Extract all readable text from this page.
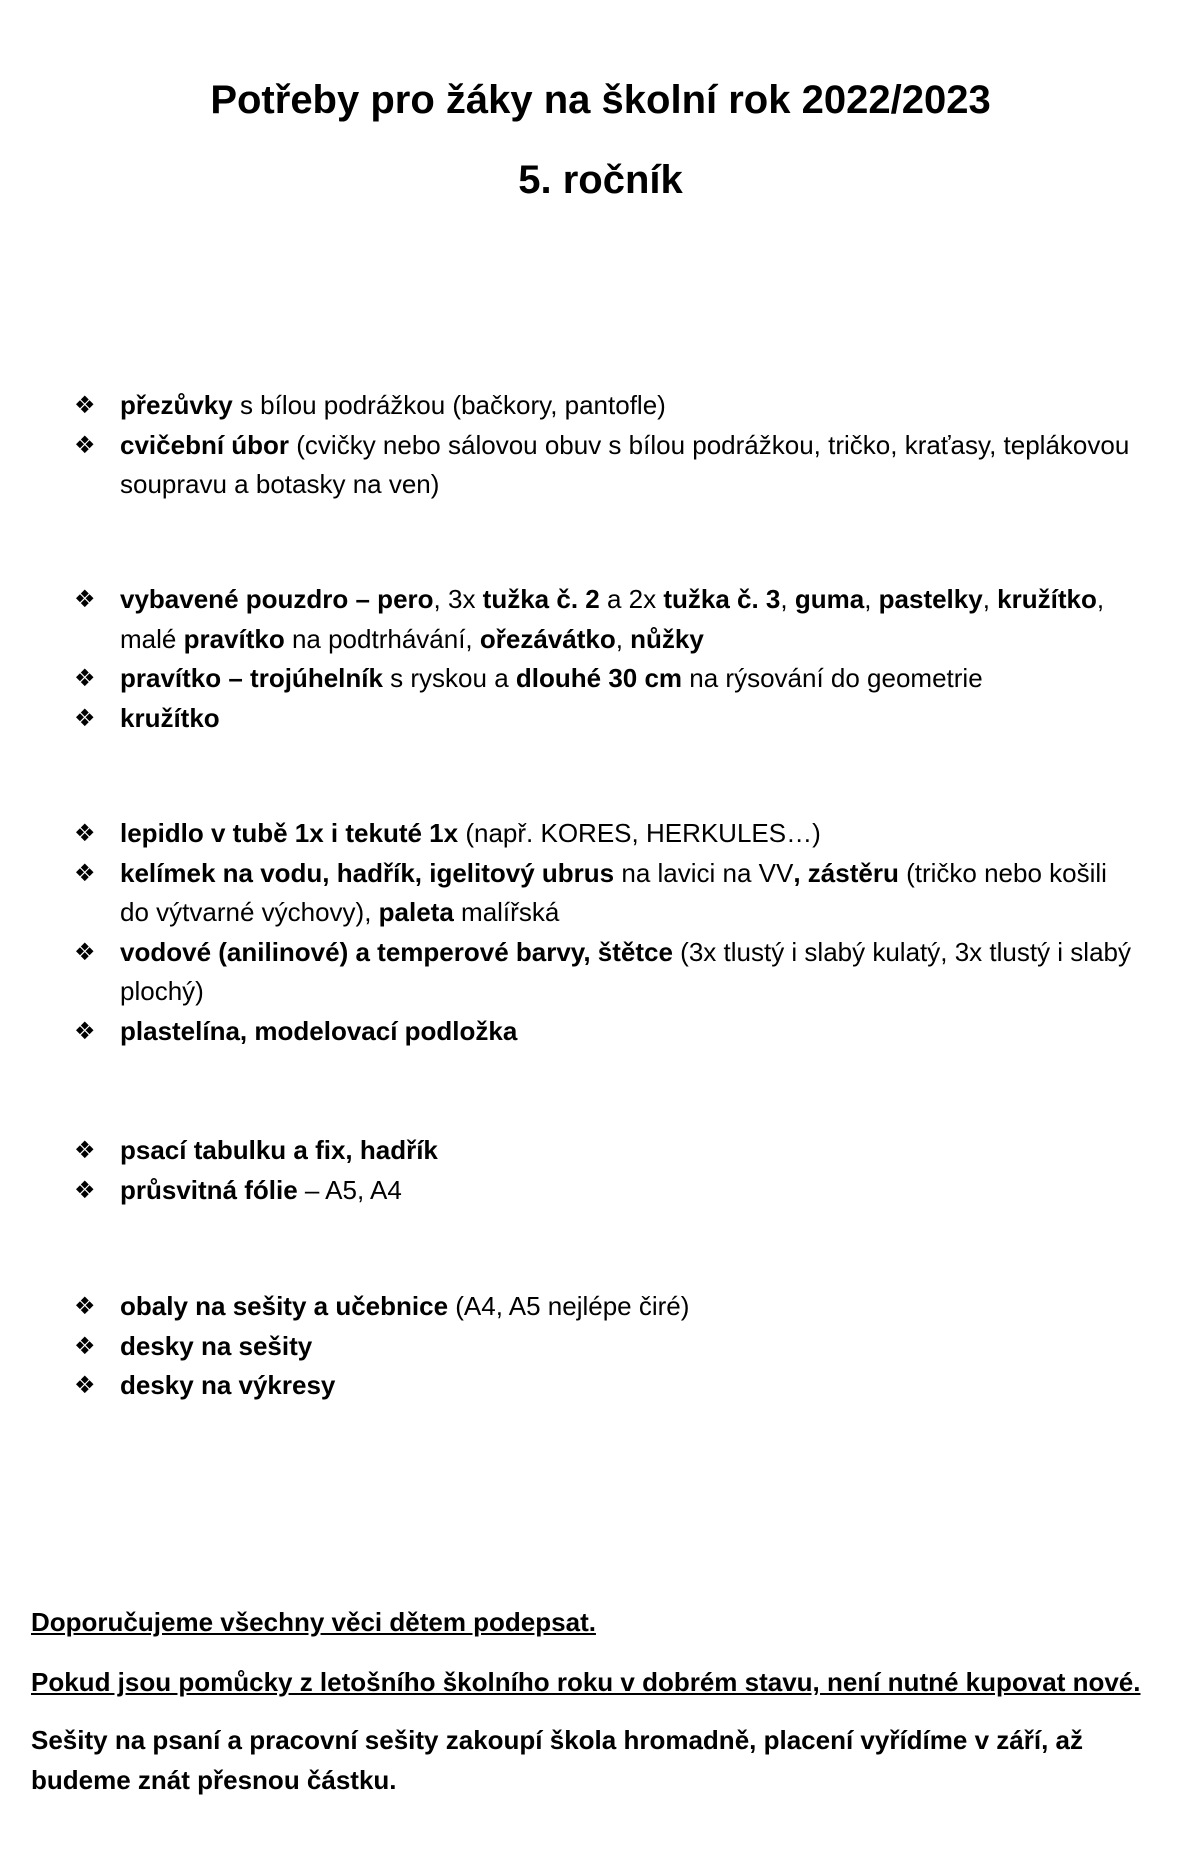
Potřeby pro žáky na školní rok 2022/2023
5. ročník
❖ přezůvky s bílou podrážkou (bačkory, pantofle)
❖ cvičební úbor (cvičky nebo sálovou obuv s bílou podrážkou, tričko, kraťasy, teplákovou soupravu a botasky na ven)
❖ vybavené pouzdro – pero, 3x tužka č. 2 a 2x tužka č. 3, guma, pastelky, kružítko, malé pravítko na podtrhávání, ořezávátko, nůžky
❖ pravítko – trojúhelník s ryskou a dlouhé 30 cm na rýsování do geometrie
❖ kružítko
❖ lepidlo v tubě 1x i tekuté 1x (např. KORES, HERKULES…)
❖ kelímek na vodu, hadřík, igelitový ubrus na lavici na VV, zástěru (tričko nebo košili do výtvarné výchovy), paleta malířská
❖ vodové (anilinové) a temperové barvy, štětce (3x tlustý i slabý kulatý, 3x tlustý i slabý plochý)
❖ plastelína, modelovací podložka
❖ psací tabulku a fix, hadřík
❖ průsvitná fólie – A5, A4
❖ obaly na sešity a učebnice (A4, A5 nejlépe čiré)
❖ desky na sešity
❖ desky na výkresy

Doporučujeme všechny věci dětem podepsat.

Pokud jsou pomůcky z letošního školního roku v dobrém stavu, není nutné kupovat nové.

Sešity na psaní a pracovní sešity zakoupí škola hromadně, placení vyřídíme v září, až budeme znát přesnou částku.
